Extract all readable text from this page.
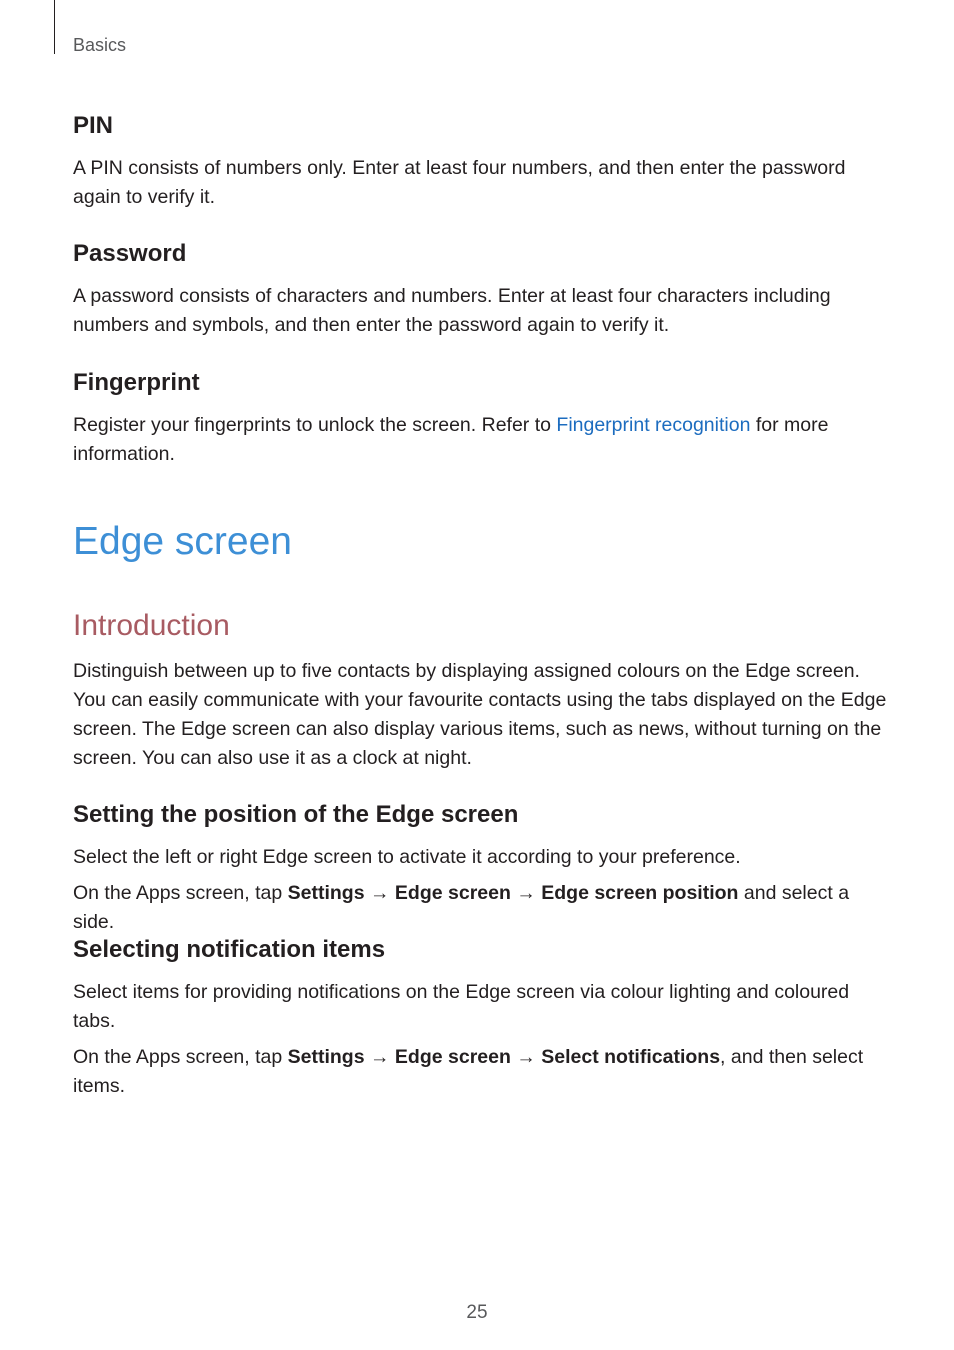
Basics
PIN
A PIN consists of numbers only. Enter at least four numbers, and then enter the password again to verify it.
Password
A password consists of characters and numbers. Enter at least four characters including numbers and symbols, and then enter the password again to verify it.
Fingerprint
Register your fingerprints to unlock the screen. Refer to Fingerprint recognition for more information.
Edge screen
Introduction
Distinguish between up to five contacts by displaying assigned colours on the Edge screen. You can easily communicate with your favourite contacts using the tabs displayed on the Edge screen. The Edge screen can also display various items, such as news, without turning on the screen. You can also use it as a clock at night.
Setting the position of the Edge screen
Select the left or right Edge screen to activate it according to your preference.
On the Apps screen, tap Settings → Edge screen → Edge screen position and select a side.
Selecting notification items
Select items for providing notifications on the Edge screen via colour lighting and coloured tabs.
On the Apps screen, tap Settings → Edge screen → Select notifications, and then select items.
25
